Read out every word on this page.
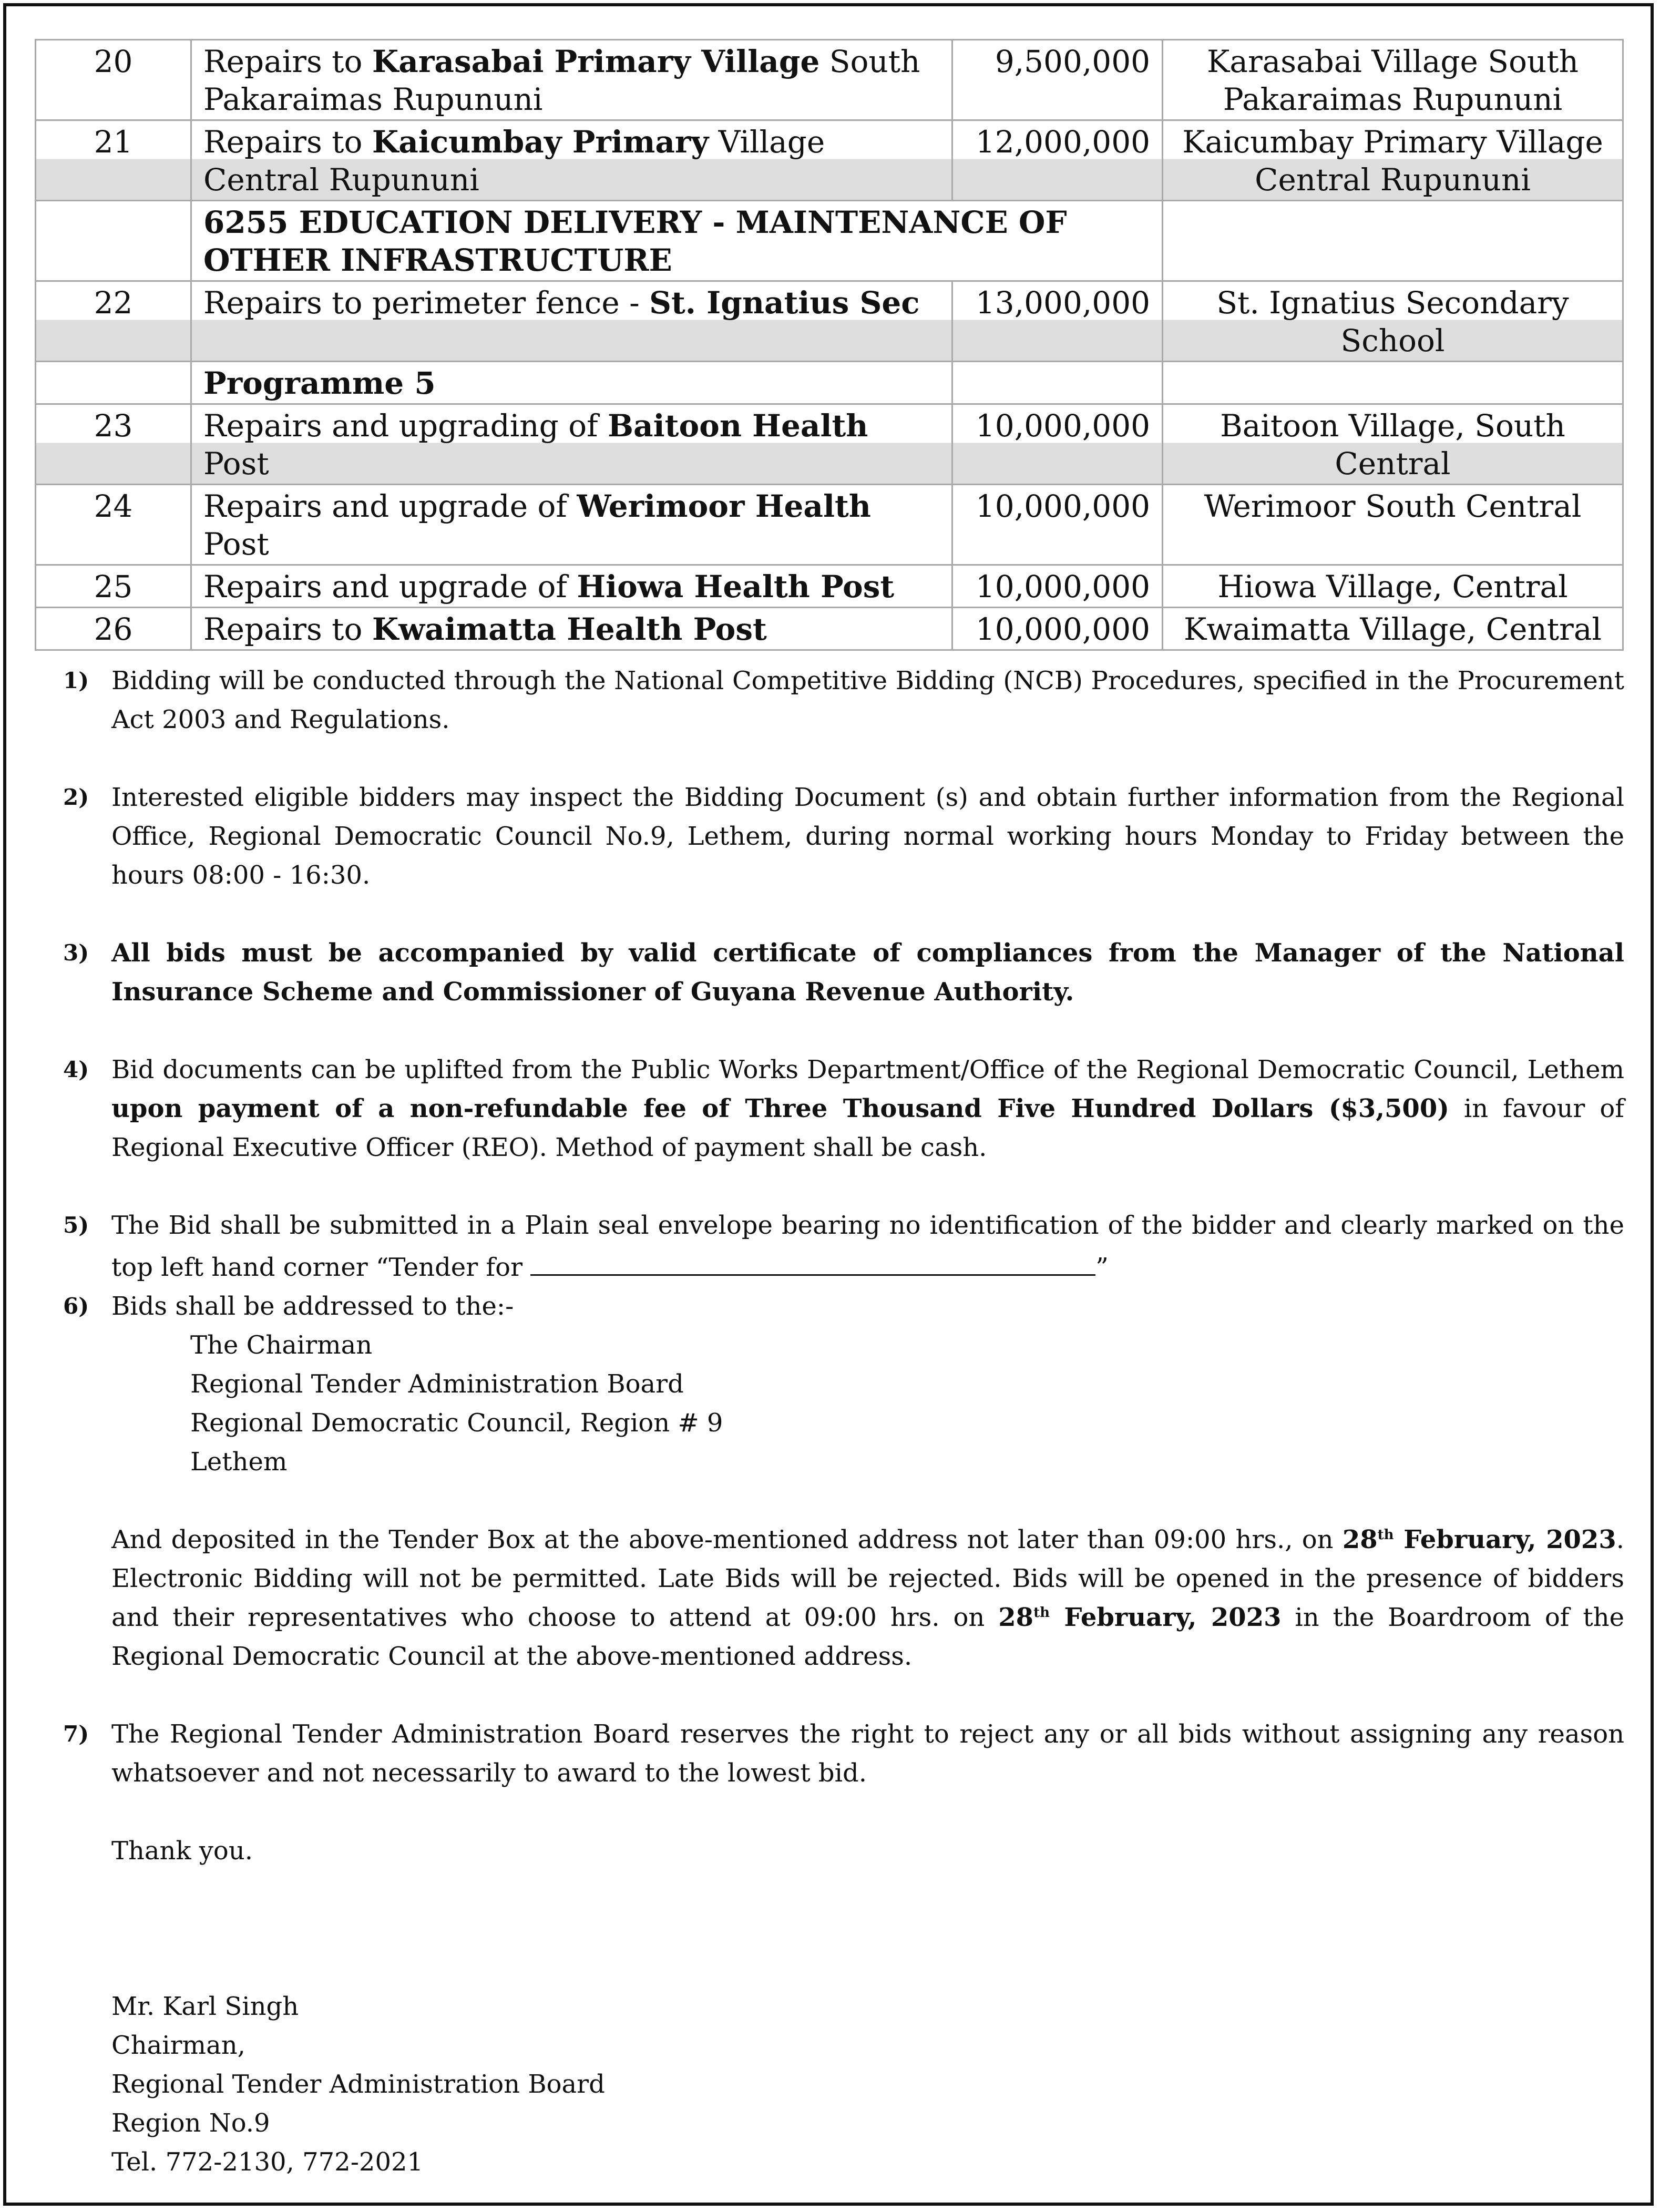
20	Repairs to Karasabai Primary Village South Pakaraimas Rupununi	9,500,000	Karasabai Village South Pakaraimas Rupununi
21	Repairs to Kaicumbay Primary Village Central Rupununi	12,000,000	Kaicumbay Primary Village Central Rupununi
	6255 EDUCATION DELIVERY - MAINTENANCE OF OTHER INFRASTRUCTURE		
22	Repairs to perimeter fence - St. Ignatius Sec	13,000,000	St. Ignatius Secondary School
	Programme 5		
23	Repairs and upgrading of Baitoon Health Post	10,000,000	Baitoon Village, South Central
24	Repairs and upgrade of Werimoor Health Post	10,000,000	Werimoor South Central
25	Repairs and upgrade of Hiowa Health Post	10,000,000	Hiowa Village, Central
26	Repairs to Kwaimatta Health Post	10,000,000	Kwaimatta Village, Central
1) Bidding will be conducted through the National Competitive Bidding (NCB) Procedures, specified in the Procurement Act 2003 and Regulations.
2) Interested eligible bidders may inspect the Bidding Document (s) and obtain further information from the Regional Office, Regional Democratic Council No.9, Lethem, during normal working hours Monday to Friday between the hours 08:00 - 16:30.
3) All bids must be accompanied by valid certificate of compliances from the Manager of the National Insurance Scheme and Commissioner of Guyana Revenue Authority.
4) Bid documents can be uplifted from the Public Works Department/Office of the Regional Democratic Council, Lethem upon payment of a non-refundable fee of Three Thousand Five Hundred Dollars ($3,500) in favour of Regional Executive Officer (REO). Method of payment shall be cash.
5) The Bid shall be submitted in a Plain seal envelope bearing no identification of the bidder and clearly marked on the top left hand corner “Tender for	”
6) Bids shall be addressed to the:-
The Chairman
Regional Tender Administration Board
Regional Democratic Council, Region # 9
Lethem
And deposited in the Tender Box at the above-mentioned address not later than 09:00 hrs., on 28th February, 2023. Electronic Bidding will not be permitted. Late Bids will be rejected. Bids will be opened in the presence of bidders and their representatives who choose to attend at 09:00 hrs. on 28th February, 2023 in the Boardroom of the Regional Democratic Council at the above-mentioned address.
7) The Regional Tender Administration Board reserves the right to reject any or all bids without assigning any reason whatsoever and not necessarily to award to the lowest bid.
Thank you.
Mr. Karl Singh
Chairman,
Regional Tender Administration Board
Region No.9
Tel. 772-2130, 772-2021
